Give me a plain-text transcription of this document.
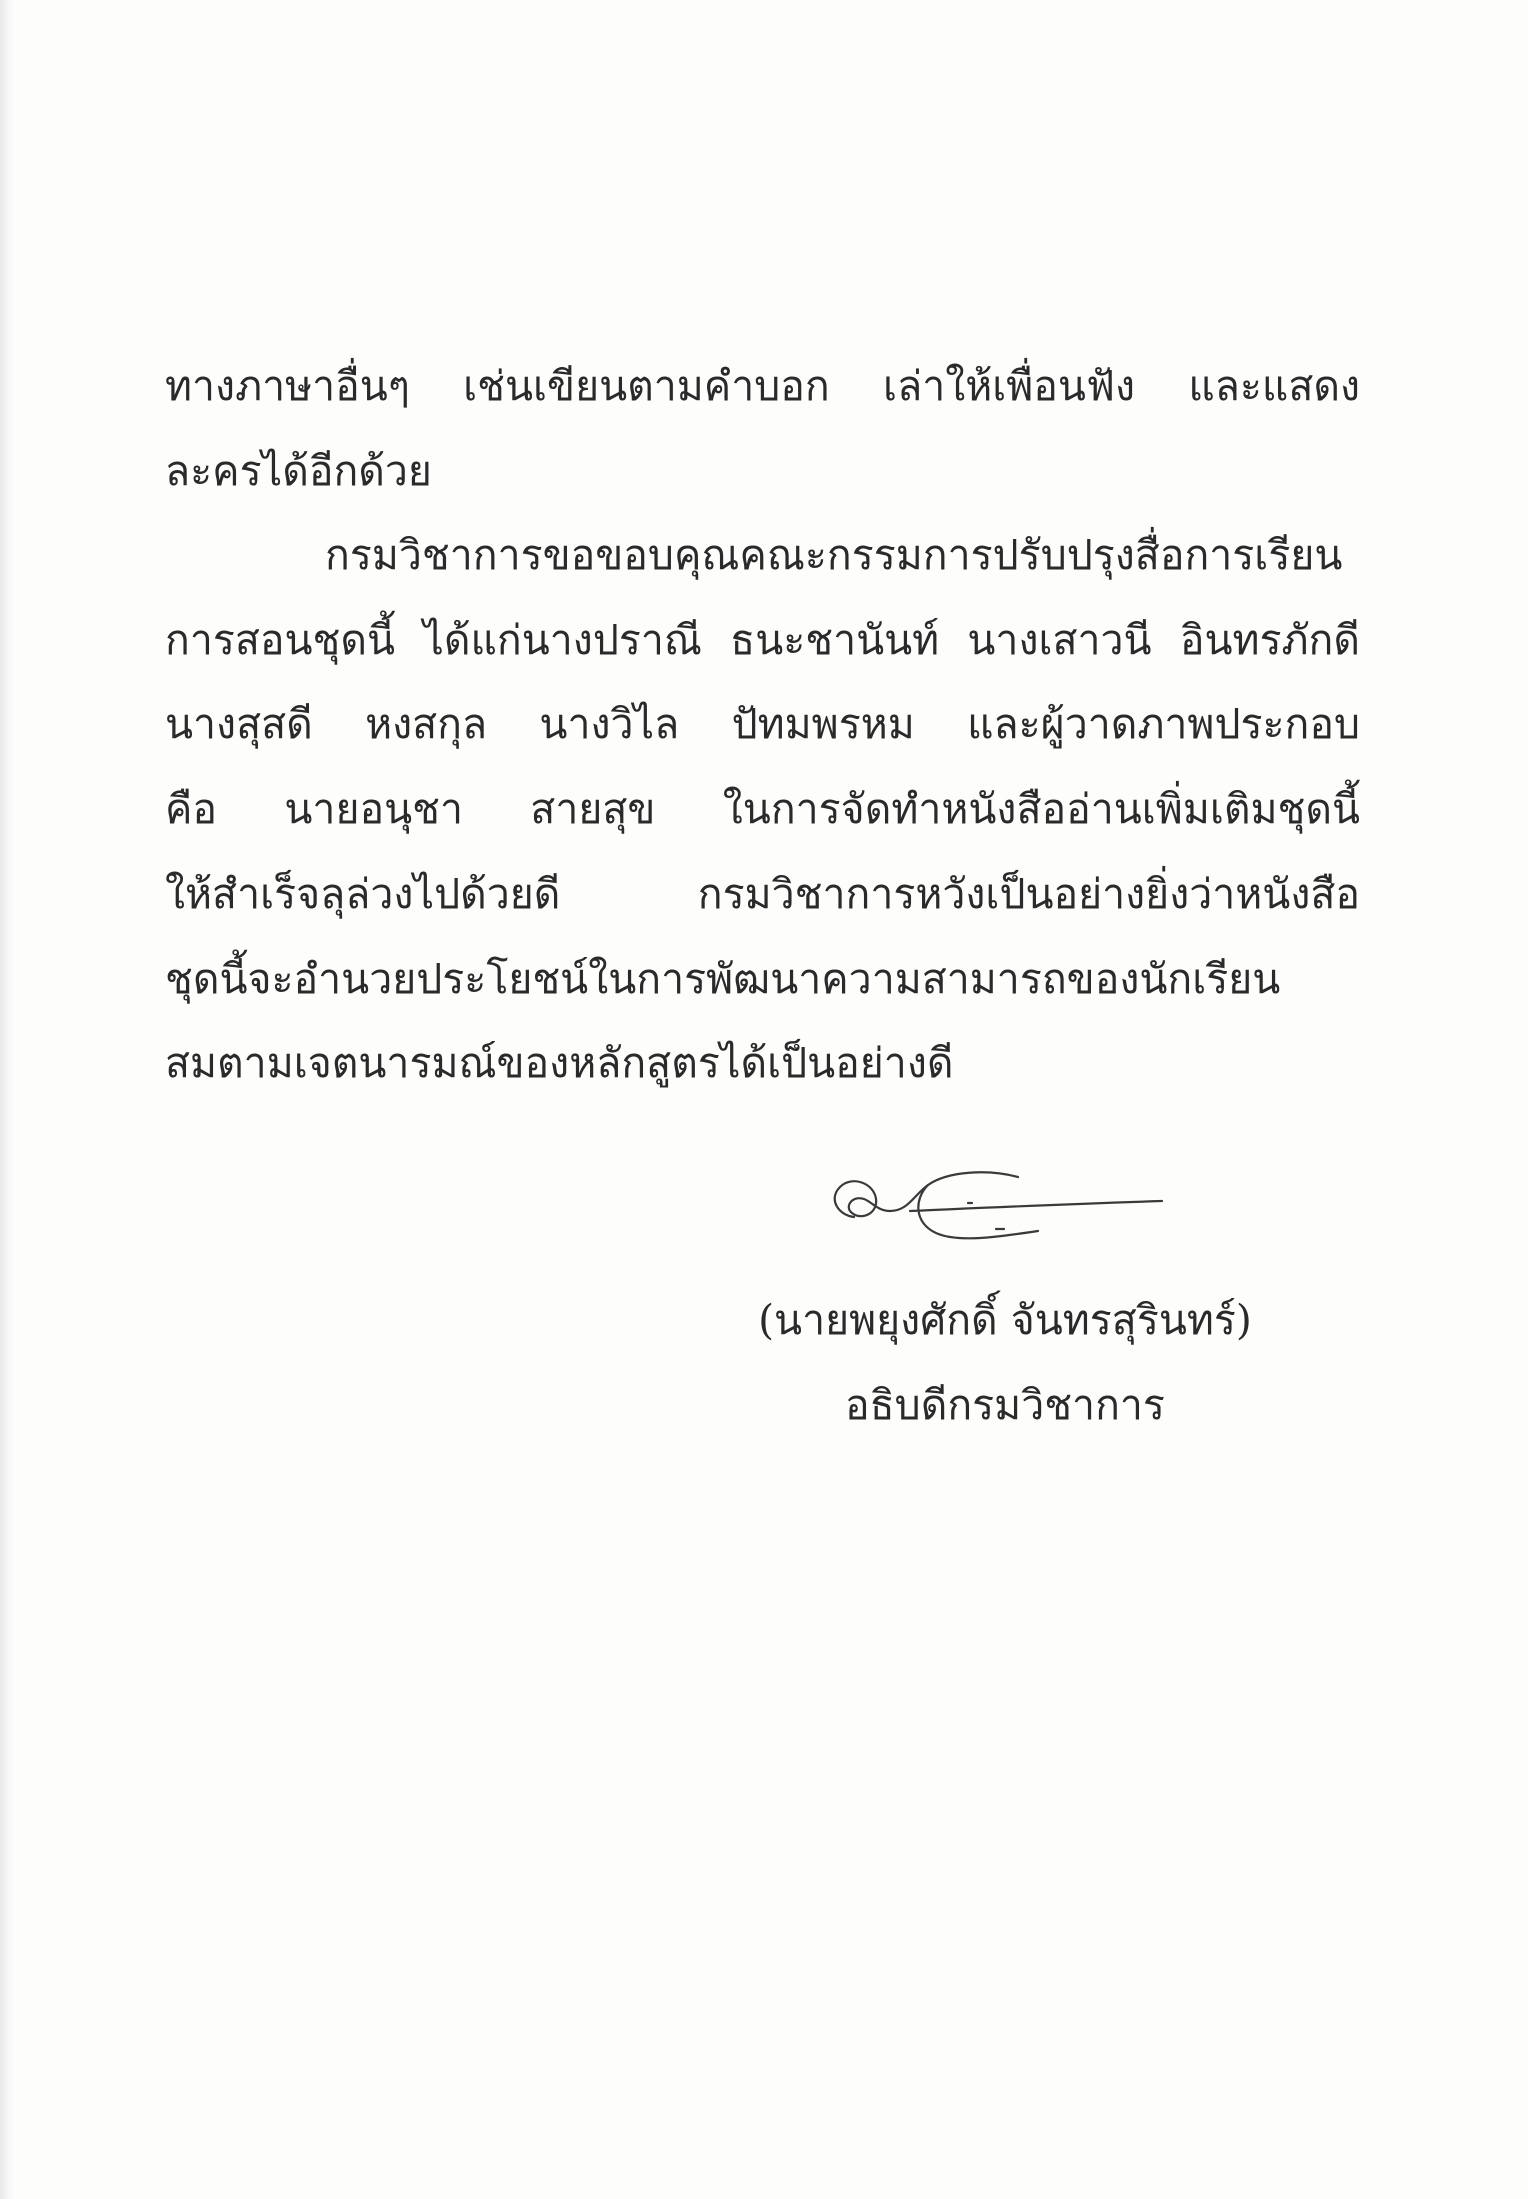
ทางภาษาอื่นๆ เช่นเขียนตามคำบอก เล่าให้เพื่อนฟัง และแสดง
ละครได้อีกด้วย
กรมวิชาการขอขอบคุณคณะกรรมการปรับปรุงสื่อการเรียน
การสอนชุดนี้ ได้แก่นางปราณี ธนะชานันท์ นางเสาวนี อินทรภักดี
นางสุสดี หงสกุล นางวิไล ปัทมพรหม และผู้วาดภาพประกอบ
คือ นายอนุชา สายสุข ในการจัดทำหนังสืออ่านเพิ่มเติมชุดนี้
ให้สำเร็จลุล่วงไปด้วยดี กรมวิชาการหวังเป็นอย่างยิ่งว่าหนังสือ
ชุดนี้จะอำนวยประโยชน์ในการพัฒนาความสามารถของนักเรียน
สมตามเจตนารมณ์ของหลักสูตรได้เป็นอย่างดี
(นายพยุงศักดิ์ จันทรสุรินทร์)
อธิบดีกรมวิชาการ
